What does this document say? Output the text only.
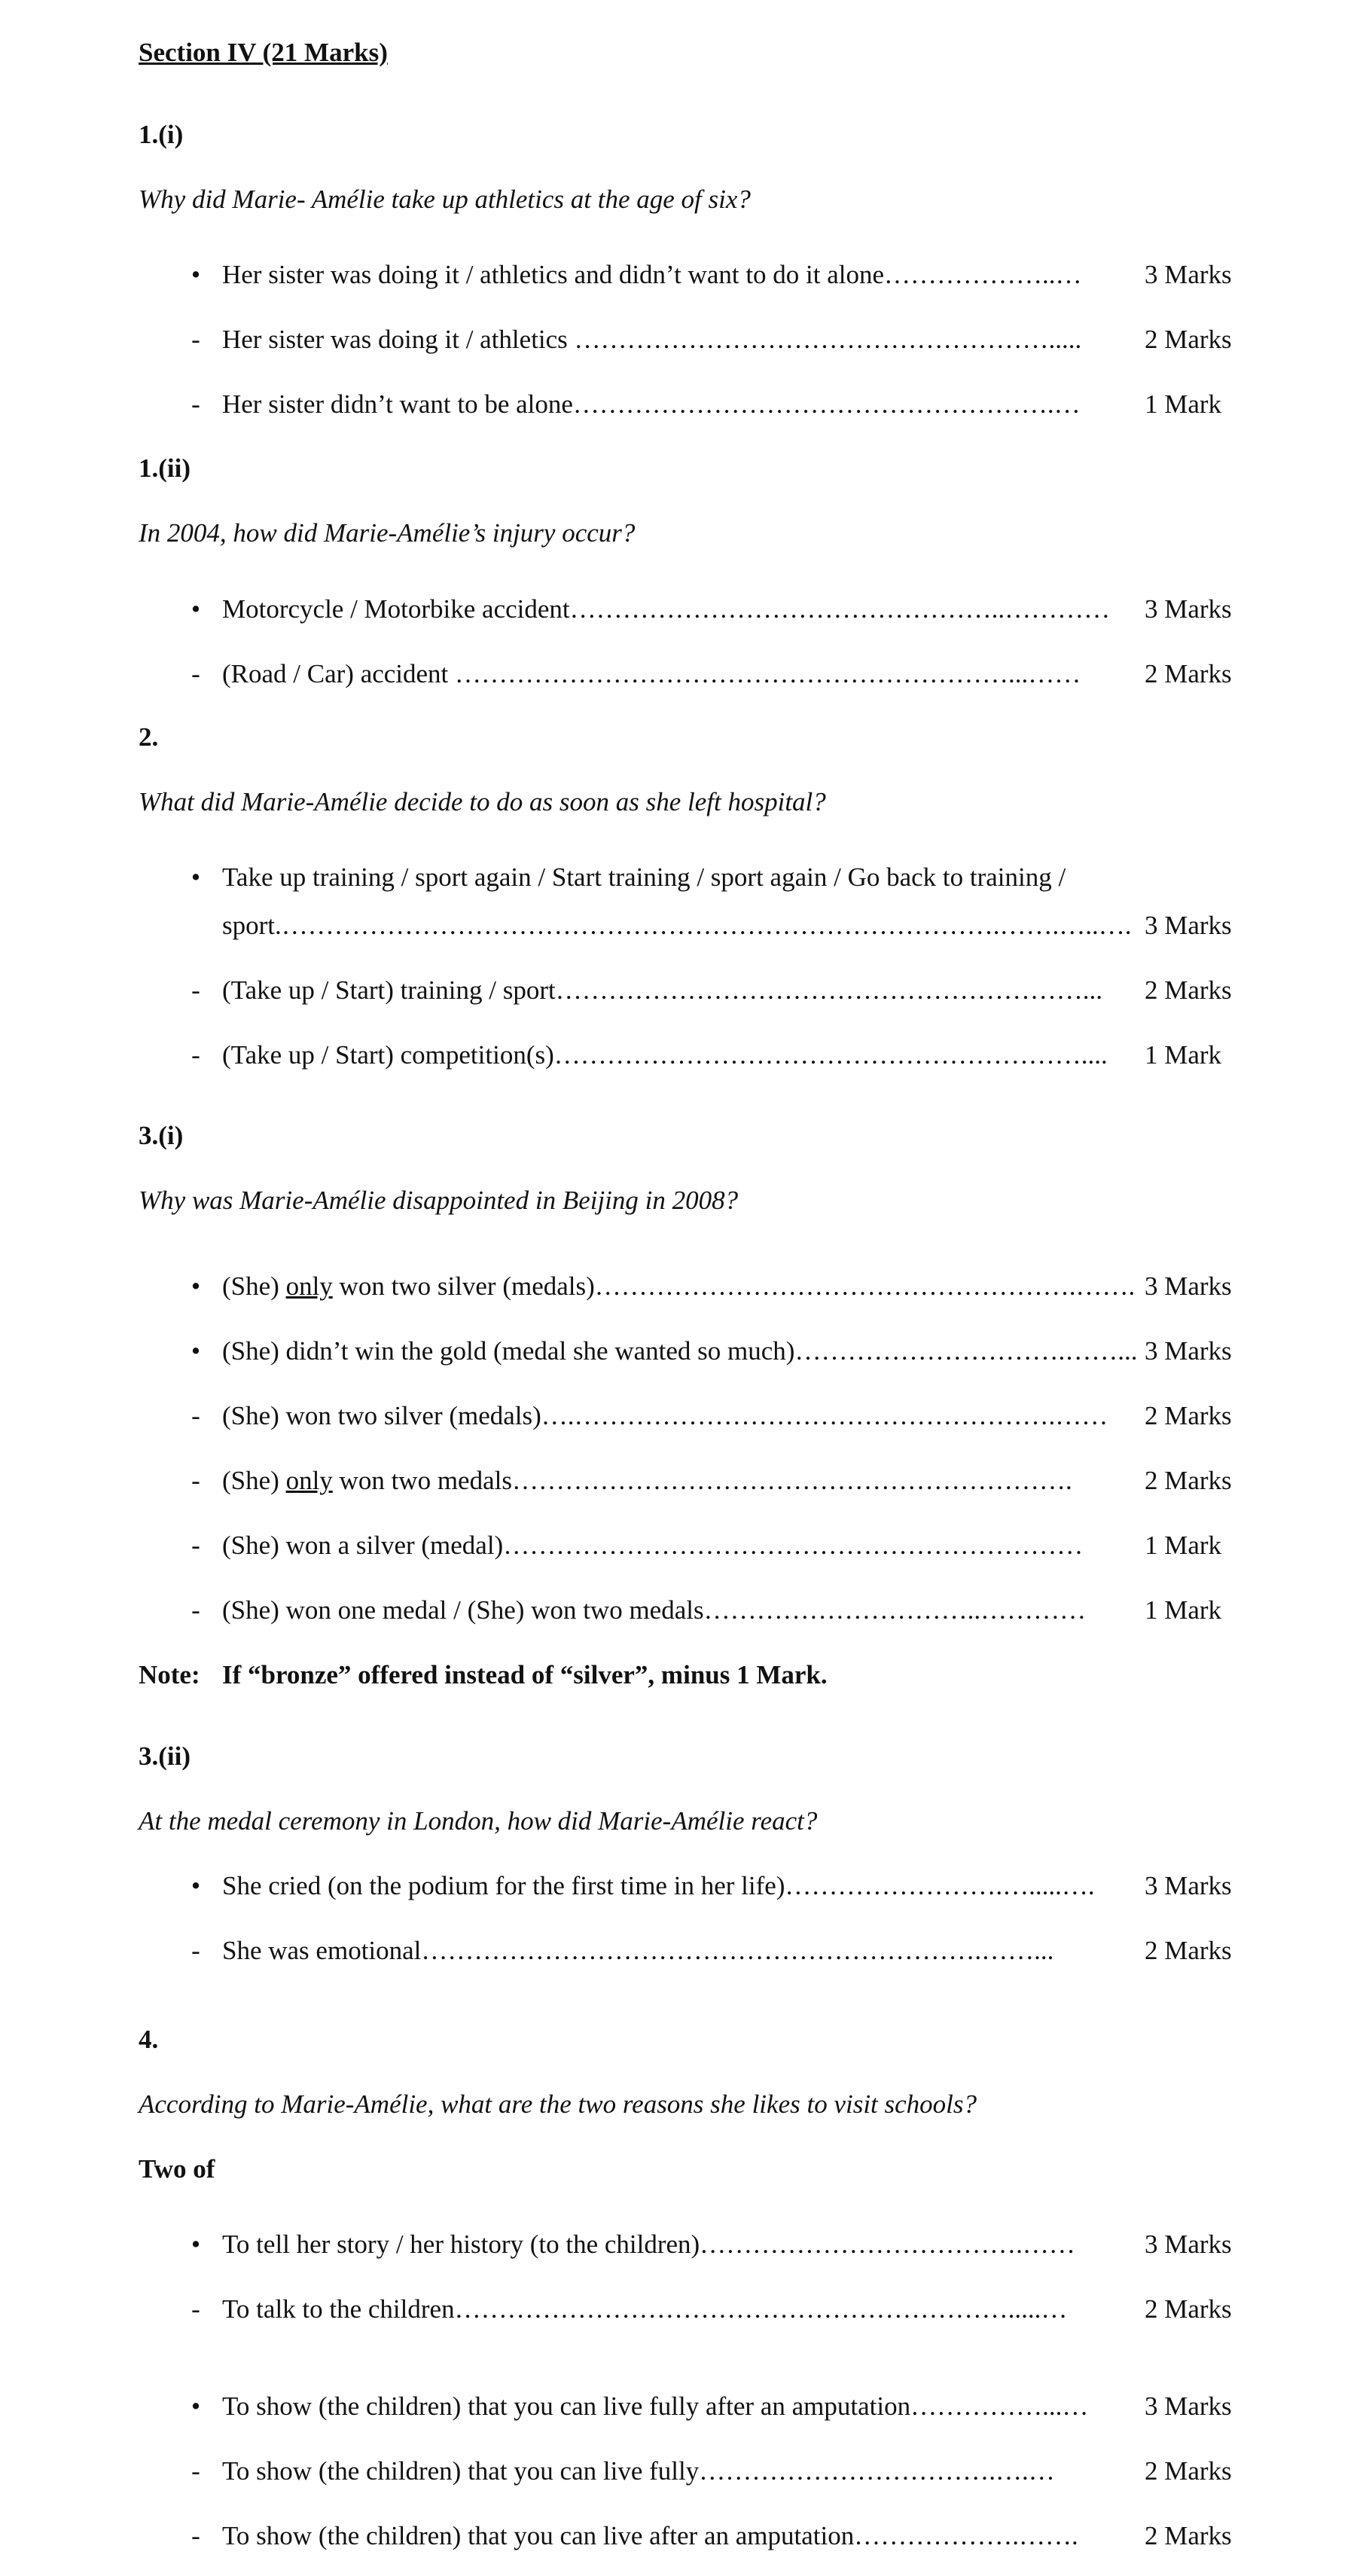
Section IV (21 Marks)
1.(i)
Why did Marie- Amélie take up athletics at the age of six?
• Her sister was doing it / athletics and didn’t want to do it alone………………..… 3 Marks
- Her sister was doing it / athletics ………………………………………………..... 2 Marks
- Her sister didn’t want to be alone……………………………………………….… 1 Mark
1.(ii)
In 2004, how did Marie-Amélie’s injury occur?
• Motorcycle / Motorbike accident…………………………………………..………… 3 Marks
- (Road / Car) accident ………………………………………………………...…… 2 Marks
2.
What did Marie-Amélie decide to do as soon as she left hospital?
• Take up training / sport again / Start training / sport again / Go back to training /
sport.……………………………………………………………………….…….…..…. 3 Marks
- (Take up / Start) training / sport……………………………………………………... 2 Marks
- (Take up / Start) competition(s)…………………………………………………….... 1 Mark
3.(i)
Why was Marie-Amélie disappointed in Beijing in 2008?
• (She) only won two silver (medals)……………………………………………….……. 3 Marks
• (She) didn’t win the gold (medal she wanted so much)………………………….……... 3 Marks
- (She) won two silver (medals)….……………………………………………….…… 2 Marks
- (She) only won two medals……………………………………………………….	2 Marks
- (She) won a silver (medal)………………………………………………………… 1 Mark
- (She) won one medal / (She) won two medals…………………………..………… 1 Mark
Note: If “bronze” offered instead of “silver”, minus 1 Mark.
3.(ii)
At the medal ceremony in London, how did Marie-Amélie react?
• She cried (on the podium for the first time in her life)…………………….….....…. 3 Marks
- She was emotional……………………………………………………….……...	2 Marks
4.
According to Marie-Amélie, what are the two reasons she likes to visit schools?
Two of
• To tell her story / her history (to the children)……………………………….……	3 Marks
- To talk to the children……………………………………………………….....…	2 Marks
• To show (the children) that you can live fully after an amputation……………...… 3 Marks
- To show (the children) that you can live fully…………………………….….…	2 Marks
- To show (the children) that you can live after an amputation……………….…….	2 Marks
